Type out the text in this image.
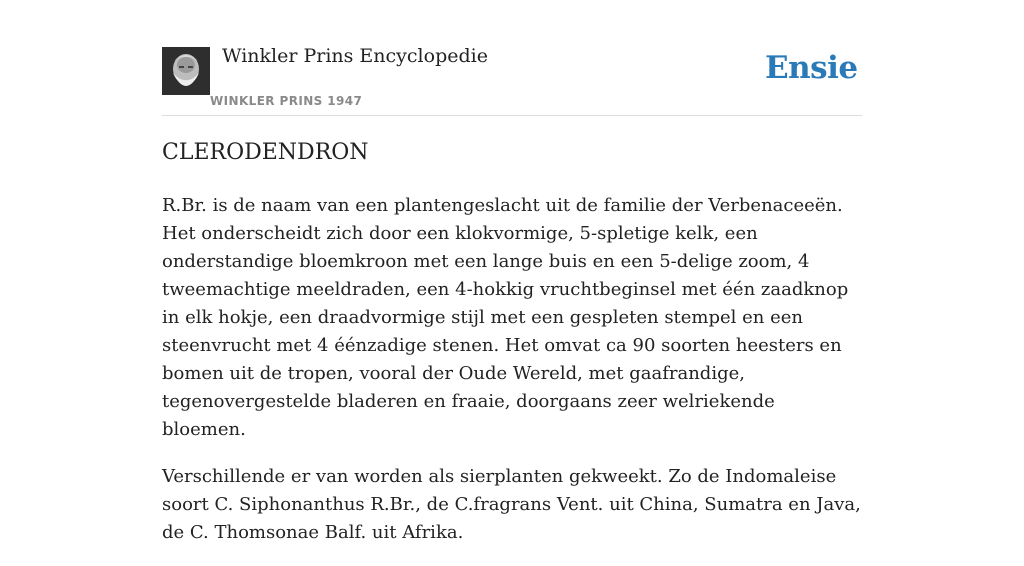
Winkler Prins Encyclopedie
WINKLER PRINS 1947
Ensie
CLERODENDRON

R.Br. is de naam van een plantengeslacht uit de familie der Verbenaceeën. Het onderscheidt zich door een klokvormige, 5-spletige kelk, een onderstandige bloemkroon met een lange buis en een 5-delige zoom, 4 tweemachtige meeldraden, een 4-hokkig vruchtbeginsel met één zaadknop in elk hokje, een draadvormige stijl met een gespleten stempel en een steenvrucht met 4 éénzadige stenen. Het omvat ca 90 soorten heesters en bomen uit de tropen, vooral der Oude Wereld, met gaafrandige, tegenovergestelde bladeren en fraaie, doorgaans zeer welriekende bloemen.

Verschillende er van worden als sierplanten gekweekt. Zo de Indomaleise soort C. Siphonanthus R.Br., de C.fragrans Vent. uit China, Sumatra en Java, de C. Thomsonae Balf. uit Afrika.
